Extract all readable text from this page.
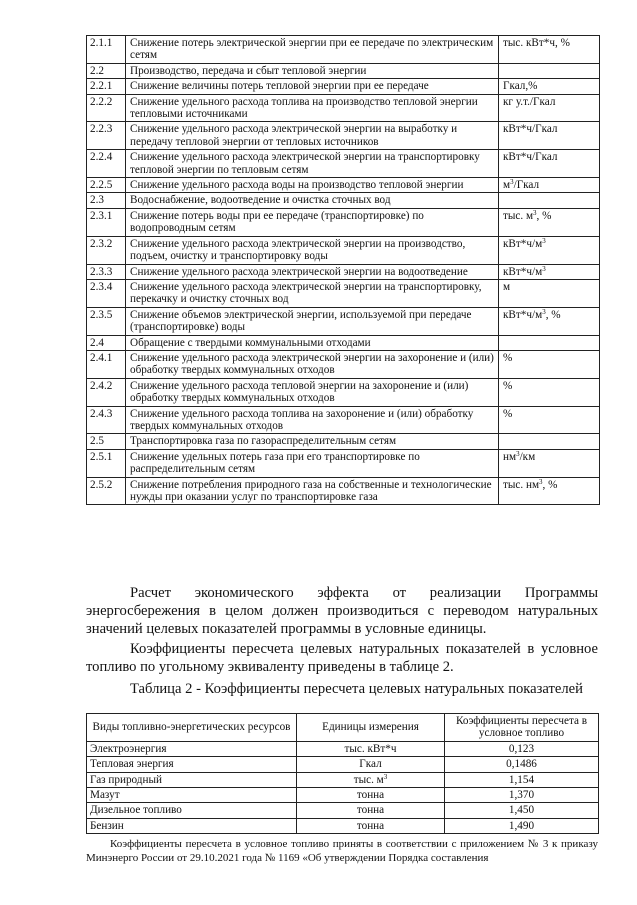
2.1.1	Снижение потерь электрической энергии при ее передаче по электрическим сетям	тыс. кВт*ч, %
2.2	Производство, передача и сбыт тепловой энергии	
2.2.1	Снижение величины потерь тепловой энергии при ее передаче	Гкал,%
2.2.2	Снижение удельного расхода топлива на производство тепловой энергии тепловыми источниками	кг у.т./Гкал
2.2.3	Снижение удельного расхода электрической энергии на выработку и передачу тепловой энергии от тепловых источников	кВт*ч/Гкал
2.2.4	Снижение удельного расхода электрической энергии на транспортировку тепловой энергии по тепловым сетям	кВт*ч/Гкал
2.2.5	Снижение удельного расхода воды на производство тепловой энергии	$м^3$/Гкал
2.3	Водоснабжение, водоотведение и очистка сточных вод	
2.3.1	Снижение потерь воды при ее передаче (транспортировке) по водопроводным сетям	тыс. $м^3$, %
2.3.2	Снижение удельного расхода электрической энергии на производство, подъем, очистку и транспортировку воды	$кВт*ч/м^3$
2.3.3	Снижение удельного расхода электрической энергии на водоотведение	$кВт*ч/м^3$
2.3.4	Снижение удельного расхода электрической энергии на транспортировку, перекачку и очистку сточных вод	м
2.3.5	Снижение объемов электрической энергии, используемой при передаче (транспортировке) воды	$кВт*ч/м^3$, %
2.4	Обращение с твердыми коммунальными отходами	
2.4.1	Снижение удельного расхода электрической энергии на захоронение и (или) обработку твердых коммунальных отходов	%
2.4.2	Снижение удельного расхода тепловой энергии на захоронение и (или) обработку твердых коммунальных отходов	%
2.4.3	Снижение удельного расхода топлива на захоронение и (или) обработку твердых коммунальных отходов	%
2.5	Транспортировка газа по газораспределительным сетям	
2.5.1	Снижение удельных потерь газа при его транспортировке по распределительным сетям	$нм^3/км$
2.5.2	Снижение потребления природного газа на собственные и технологические нужды при оказании услуг по транспортировке газа	тыс. $нм^3$, %

Расчет экономического эффекта от реализации Программы энергосбережения в целом должен производиться с переводом натуральных значений целевых показателей программы в условные единицы.

Коэффициенты пересчета целевых натуральных показателей в условное топливо по угольному эквиваленту приведены в таблице 2.

Таблица 2 - Коэффициенты пересчета целевых натуральных показателей

Виды топливно-энергетических ресурсов	Единицы измерения	Коэффициенты пересчета в условное топливо
Электроэнергия	тыс. кВт*ч	0,123
Тепловая энергия	Гкал	0,1486
Газ природный	тыс. $м^3$	1,154
Мазут	тонна	1,370
Дизельное топливо	тонна	1,450
Бензин	тонна	1,490

Коэффициенты пересчета в условное топливо приняты в соответствии с приложением № 3 к приказу Минэнерго России от 29.10.2021 года № 1169 «Об утверждении Порядка составления
